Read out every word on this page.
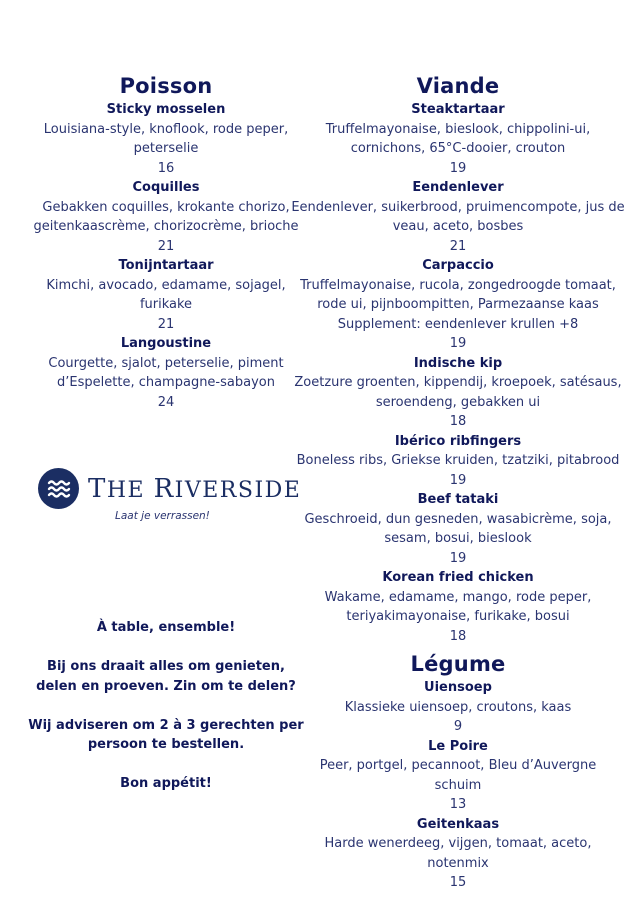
Poisson
Sticky mosselen
Louisiana-style, knoflook, rode peper,
peterselie
16
Coquilles
Gebakken coquilles, krokante chorizo,
geitenkaascrème, chorizocrème, brioche
21
Tonijntartaar
Kimchi, avocado, edamame, sojagel,
furikake
21
Langoustine
Courgette, sjalot, peterselie, piment
d’Espelette, champagne-sabayon
24
THE RIVERSIDE
Laat je verrassen!

À table, ensemble!

Bij ons draait alles om genieten, delen en proeven. Zin om te delen?

Wij adviseren om 2 à 3 gerechten per persoon te bestellen.

Bon appétit!

Viande
Steaktartaar
Truffelmayonaise, bieslook, chippolini-ui,
cornichons, 65°C-dooier, crouton
19
Eendenlever
Eendenlever, suikerbrood, pruimencompote, jus de
veau, aceto, bosbes
21
Carpaccio
Truffelmayonaise, rucola, zongedroogde tomaat,
rode ui, pijnboompitten, Parmezaanse kaas
Supplement: eendenlever krullen +8
19
Indische kip
Zoetzure groenten, kippendij, kroepoek, satésaus,
seroendeng, gebakken ui
18
Ibérico ribfingers
Boneless ribs, Griekse kruiden, tzatziki, pitabrood
19
Beef tataki
Geschroeid, dun gesneden, wasabicrème, soja,
sesam, bosui, bieslook
19
Korean fried chicken
Wakame, edamame, mango, rode peper,
teriyakimayonaise, furikake, bosui
18
Légume
Uiensoep
Klassieke uiensoep, croutons, kaas
9
Le Poire
Peer, portgel, pecannoot, Bleu d’Auvergne
schuim
13
Geitenkaas
Harde wenerdeeg, vijgen, tomaat, aceto,
notenmix
15
